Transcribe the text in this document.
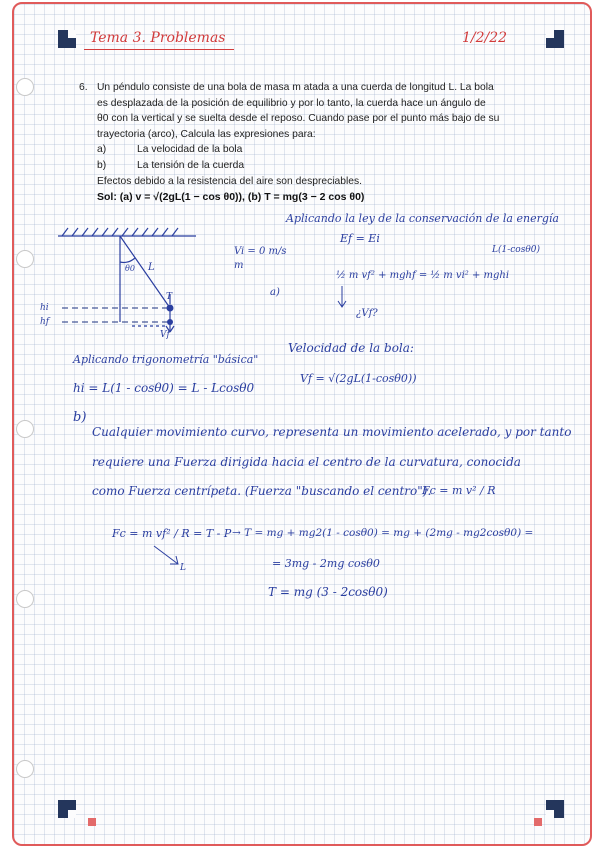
Tema 3. Problemas	1/2/22
6. Un péndulo consiste de una bola de masa m atada a una cuerda de longitud L. La bola
es desplazada de la posición de equilibrio y por lo tanto, la cuerda hace un ángulo de
θ0 con la vertical y se suelta desde el reposo. Cuando pase por el punto más bajo de su
trayectoria (arco), Calcula las expresiones para:
a)	La velocidad de la bola
b)	La tensión de la cuerda
Efectos debido a la resistencia del aire son despreciables.
Sol: (a) v = √(2gL(1 − cos θ0)), (b) T = mg(3 − 2 cos θ0)
Vi = 0 m/s
m
L
T
θ0
hi
hf
Vf
Aplicando la ley de la conservación de la energía
Ef = Ei
L(1-cosθ0)
a)
½ m vf² + mghf = ½ m vi² + mghi
¿Vf?
Velocidad de la bola:
Vf = √(2gL(1-cosθ0))
Aplicando trigonometría "básica"
hi = L(1 - cosθ0) = L - Lcosθ0
b)
Cualquier movimiento curvo, representa un movimiento acelerado, y por tanto
requiere una Fuerza dirigida hacia el centro de la curvatura, conocida
como Fuerza centrípeta. (Fuerza "buscando el centro").
Fc = m v² / R
Fc = m vf² / R = T - P
L
→ T = mg + mg2(1 - cosθ0) = mg + (2mg - mg2cosθ0) =
= 3mg - 2mg cosθ0
T = mg (3 - 2cosθ0)
